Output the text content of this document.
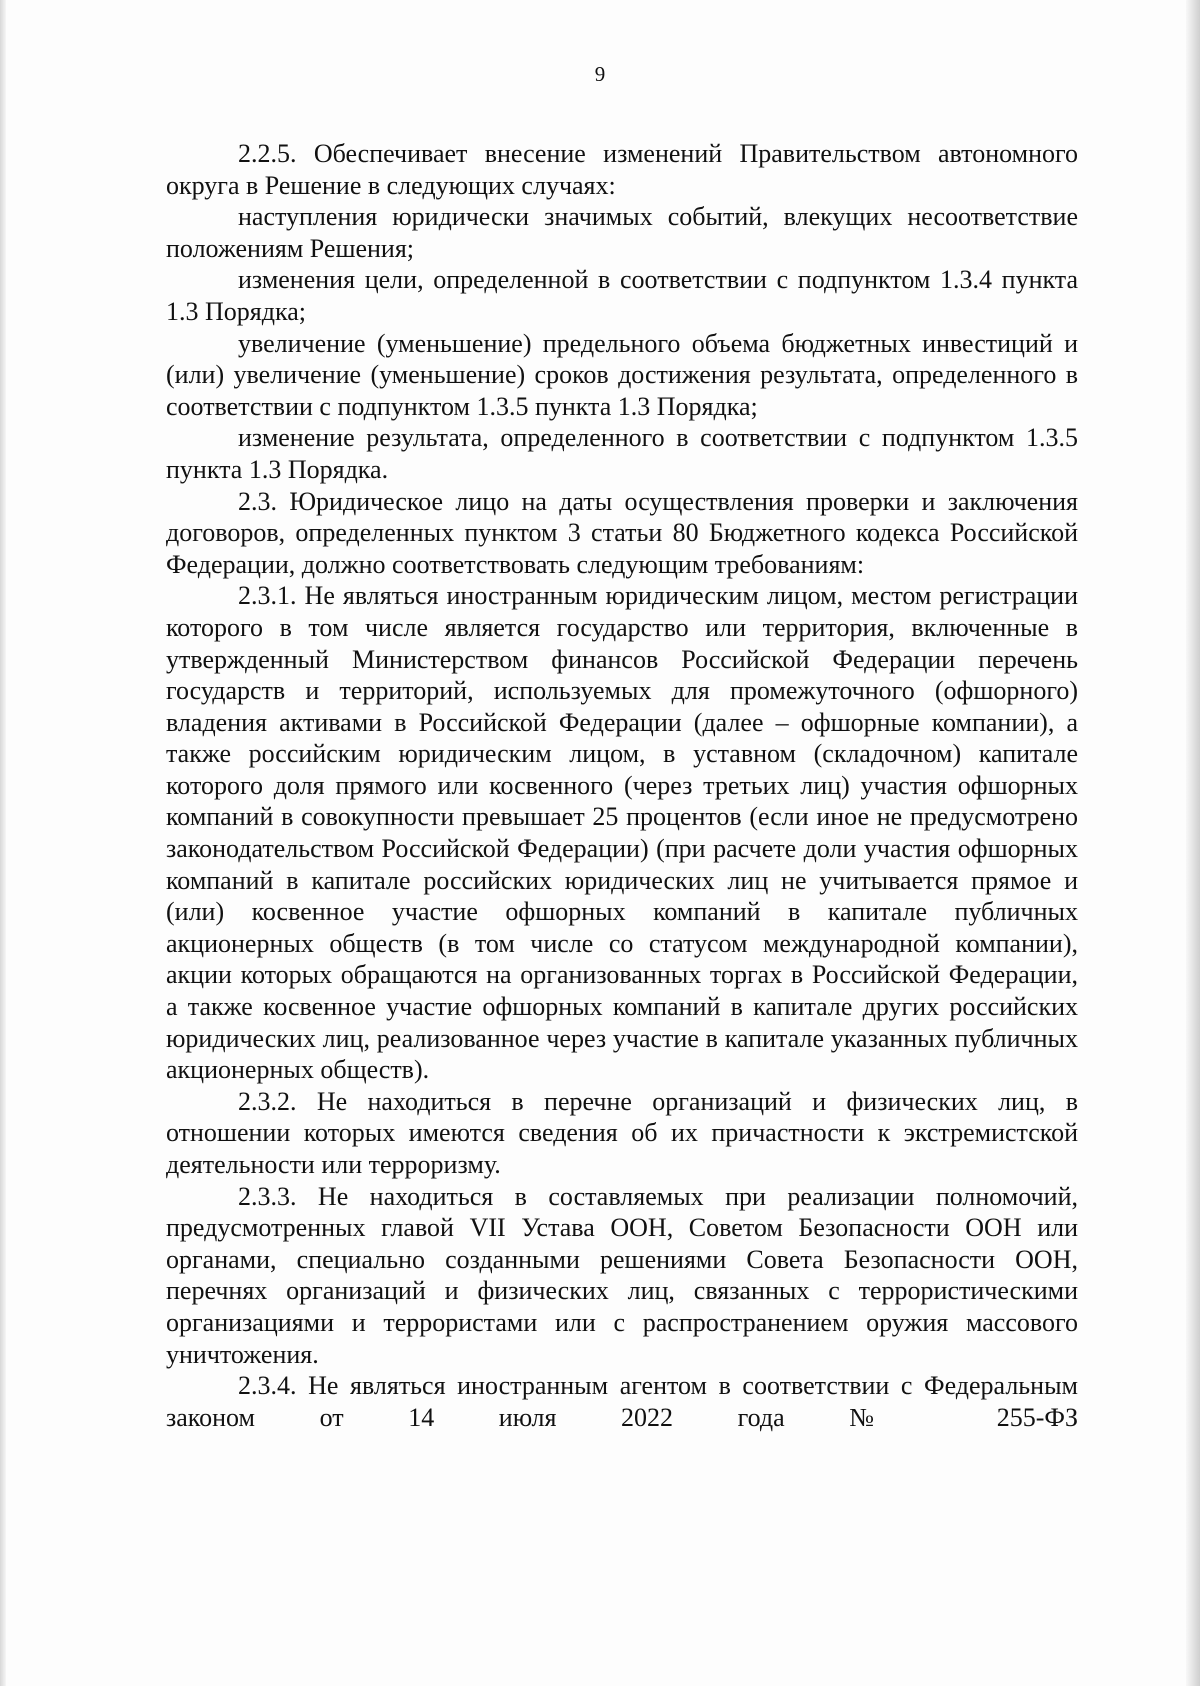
9

2.2.5. Обеспечивает внесение изменений Правительством автономного округа в Решение в следующих случаях:

наступления юридически значимых событий, влекущих несоответствие положениям Решения;

изменения цели, определенной в соответствии с подпунктом 1.3.4 пункта 1.3 Порядка;

увеличение (уменьшение) предельного объема бюджетных инвестиций и (или) увеличение (уменьшение) сроков достижения результата, определенного в соответствии с подпунктом 1.3.5 пункта 1.3 Порядка;

изменение результата, определенного в соответствии с подпунктом 1.3.5 пункта 1.3 Порядка.

2.3. Юридическое лицо на даты осуществления проверки и заключения договоров, определенных пунктом 3 статьи 80 Бюджетного кодекса Российской Федерации, должно соответствовать следующим требованиям:

2.3.1. Не являться иностранным юридическим лицом, местом регистрации которого в том числе является государство или территория, включенные в утвержденный Министерством финансов Российской Федерации перечень государств и территорий, используемых для промежуточного (офшорного) владения активами в Российской Федерации (далее – офшорные компании), а также российским юридическим лицом, в уставном (складочном) капитале которого доля прямого или косвенного (через третьих лиц) участия офшорных компаний в совокупности превышает 25 процентов (если иное не предусмотрено законодательством Российской Федерации) (при расчете доли участия офшорных компаний в капитале российских юридических лиц не учитывается прямое и (или) косвенное участие офшорных компаний в капитале публичных акционерных обществ (в том числе со статусом международной компании), акции которых обращаются на организованных торгах в Российской Федерации, а также косвенное участие офшорных компаний в капитале других российских юридических лиц, реализованное через участие в капитале указанных публичных акционерных обществ).

2.3.2. Не находиться в перечне организаций и физических лиц, в отношении которых имеются сведения об их причастности к экстремистской деятельности или терроризму.

2.3.3. Не находиться в составляемых при реализации полномочий, предусмотренных главой VII Устава ООН, Советом Безопасности ООН или органами, специально созданными решениями Совета Безопасности ООН, перечнях организаций и физических лиц, связанных с террористическими организациями и террористами или с распространением оружия массового уничтожения.

2.3.4. Не являться иностранным агентом в соответствии с Федеральным законом от 14 июля 2022 года № 255-ФЗ
